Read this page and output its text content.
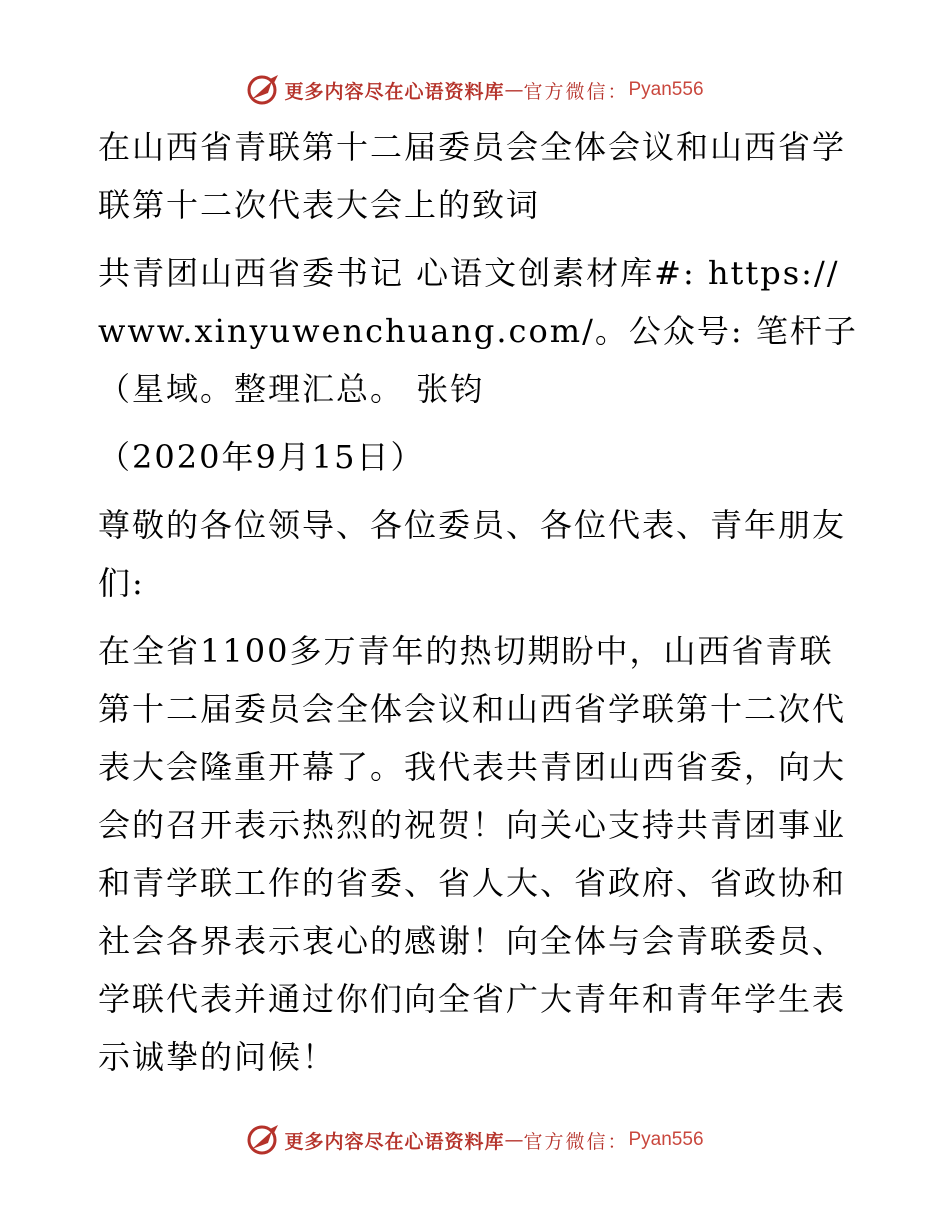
更多内容尽在心语资料库 — 官方微信： Pyan556

在山西省青联第十二届委员会全体会议和山西省学联第十二次代表大会上的致词

共青团山西省委书记 心语文创素材库#: https://www.xinyuwenchuang.com/。公众号: 笔杆子（星域。整理汇总。 张钧

（2020年9月15日）

尊敬的各位领导、各位委员、各位代表、青年朋友们:

在全省1100多万青年的热切期盼中，山西省青联第十二届委员会全体会议和山西省学联第十二次代表大会隆重开幕了。我代表共青团山西省委，向大会的召开表示热烈的祝贺！向关心支持共青团事业和青学联工作的省委、省人大、省政府、省政协和社会各界表示衷心的感谢！向全体与会青联委员、学联代表并通过你们向全省广大青年和青年学生表示诚挚的问候！

更多内容尽在心语资料库 — 官方微信： Pyan556
